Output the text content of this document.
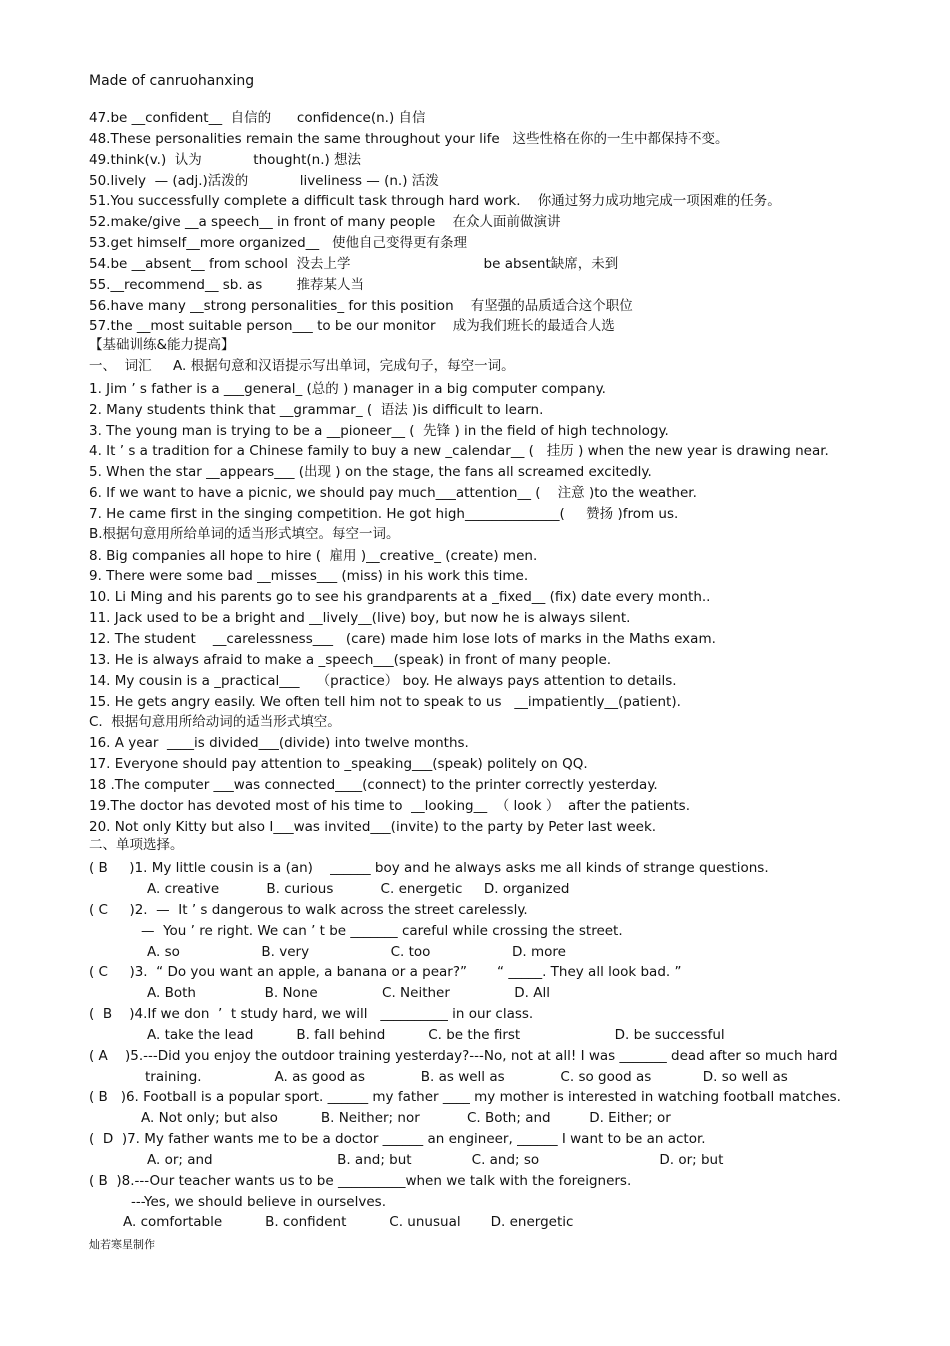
Made of canruohanxing
47.be __confident__  自信的      confidence(n.) 自信
48.These personalities remain the same throughout your life   这些性格在你的一生中都保持不变。
49.think(v.)  认为            thought(n.) 想法
50.lively  — (adj.)活泼的            liveliness — (n.) 活泼
51.You successfully complete a difficult task through hard work.    你通过努力成功地完成一项困难的任务。
52.make/give __a speech__ in front of many people    在众人面前做演讲
53.get himself__more organized__   使他自己变得更有条理
54.be __absent__ from school  没去上学                               be absent缺席，未到
55.__recommend__ sb. as        推荐某人当
56.have many __strong personalities_ for this position    有坚强的品质适合这个职位
57.the __most suitable person___ to be our monitor    成为我们班长的最适合人选
【基础训练&能力提高】
一、  词汇     A. 根据句意和汉语提示写出单词，完成句子，每空一词。
1. Jim ’ s father is a ___general_ (总的 ) manager in a big computer company.
2. Many students think that __grammar_ (  语法 )is difficult to learn.
3. The young man is trying to be a __pioneer__ (  先锋 ) in the field of high technology.
4. It ’ s a tradition for a Chinese family to buy a new _calendar__ (   挂历 ) when the new year is drawing near.
5. When the star __appears___ (出现 ) on the stage, the fans all screamed excitedly.
6. If we want to have a picnic, we should pay much___attention__ (    注意 )to the weather.
7. He came first in the singing competition. He got high______________(     赞扬 )from us.
B.根据句意用所给单词的适当形式填空。每空一词。
8. Big companies all hope to hire (  雇用 )__creative_ (create) men.
9. There were some bad __misses___ (miss) in his work this time.
10. Li Ming and his parents go to see his grandparents at a _fixed__ (fix) date every month..
11. Jack used to be a bright and __lively__(live) boy, but now he is always silent.
12. The student    __carelessness___   (care) made him lose lots of marks in the Maths exam.
13. He is always afraid to make a _speech___(speak) in front of many people.
14. My cousin is a _practical___    （practice） boy. He always pays attention to details.
15. He gets angry easily. We often tell him not to speak to us   __impatiently__(patient).
C.  根据句意用所给动词的适当形式填空。
16. A year  ____is divided___(divide) into twelve months.
17. Everyone should pay attention to _speaking___(speak) politely on QQ.
18 .The computer ___was connected____(connect) to the printer correctly yesterday.
19.The doctor has devoted most of his time to  __looking__  （ look ）  after the patients.
20. Not only Kitty but also I___was invited___(invite) to the party by Peter last week.
二、单项选择。
( B     )1. My little cousin is a (an)    ______ boy and he always asks me all kinds of strange questions.
A. creative           B. curious           C. energetic     D. organized
( C     )2.  —  It ’ s dangerous to walk across the street carelessly.
—  You ’ re right. We can ’ t be _______ careful while crossing the street.
A. so                   B. very                   C. too                   D. more
( C     )3.  “ Do you want an apple, a banana or a pear?”       “ _____. They all look bad. ”
A. Both                B. None               C. Neither               D. All
(  B    )4.If we don  ’  t study hard, we will   __________ in our class.
A. take the lead          B. fall behind          C. be the first                      D. be successful
( A    )5.---Did you enjoy the outdoor training yesterday?---No, not at all! I was _______ dead after so much hard
training.                 A. as good as             B. as well as             C. so good as            D. so well as
( B   )6. Football is a popular sport. ______ my father ____ my mother is interested in watching football matches.
A. Not only; but also          B. Neither; nor           C. Both; and         D. Either; or
(  D  )7. My father wants me to be a doctor ______ an engineer, ______ I want to be an actor.
A. or; and                             B. and; but              C. and; so                            D. or; but
( B  )8.---Our teacher wants us to be __________when we talk with the foreigners.
---Yes, we should believe in ourselves.
A. comfortable          B. confident          C. unusual       D. energetic
灿若寒星制作
